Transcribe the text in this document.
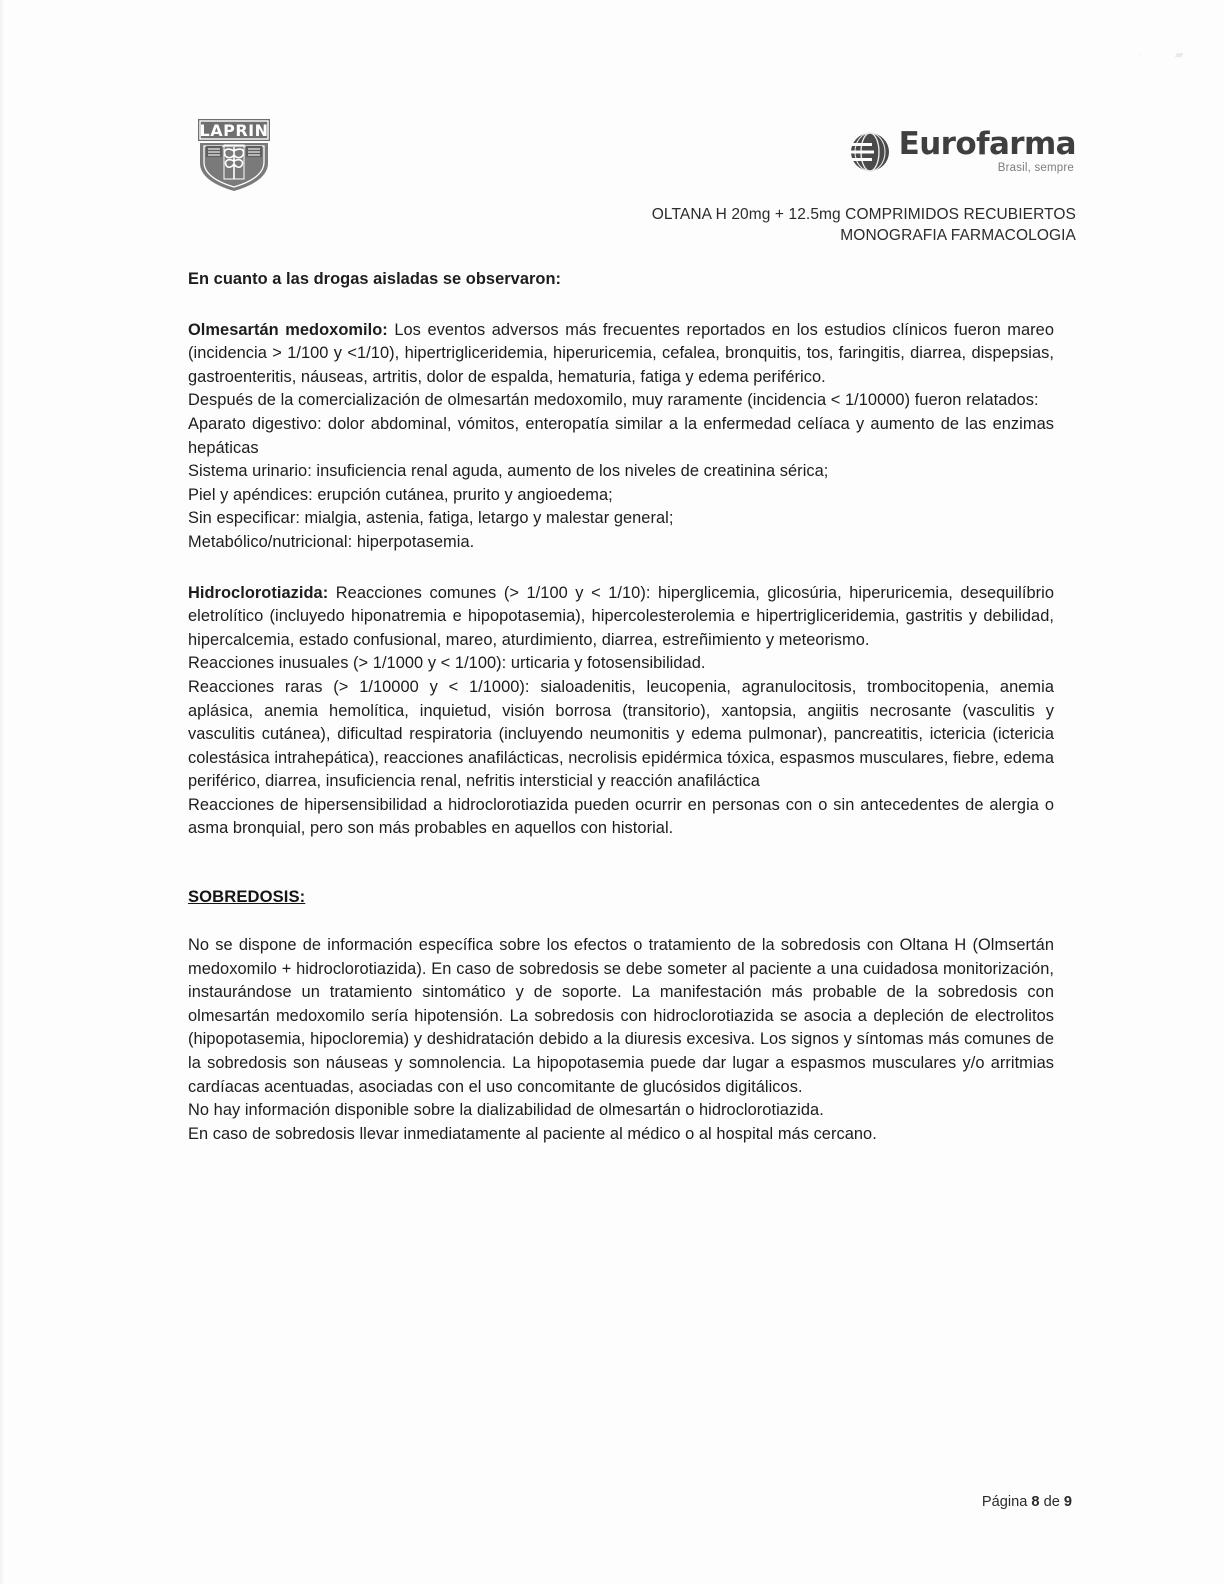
·   ▰
LAPRIN	Eurofarma
Brasil, sempre
OLTANA H 20mg + 12.5mg COMPRIMIDOS RECUBIERTOS
MONOGRAFIA FARMACOLOGIA

En cuanto a las drogas aisladas se observaron:

Olmesartán medoxomilo: Los eventos adversos más frecuentes reportados en los estudios clínicos fueron mareo (incidencia > 1/100 y <1/10), hipertrigliceridemia, hiperuricemia, cefalea, bronquitis, tos, faringitis, diarrea, dispepsias, gastroenteritis, náuseas, artritis, dolor de espalda, hematuria, fatiga y edema periférico.

Después de la comercialización de olmesartán medoxomilo, muy raramente (incidencia < 1/10000) fueron relatados:

Aparato digestivo: dolor abdominal, vómitos, enteropatía similar a la enfermedad celíaca y aumento de las enzimas hepáticas

Sistema urinario: insuficiencia renal aguda, aumento de los niveles de creatinina sérica;

Piel y apéndices: erupción cutánea, prurito y angioedema;

Sin especificar: mialgia, astenia, fatiga, letargo y malestar general;

Metabólico/nutricional: hiperpotasemia.

Hidroclorotiazida: Reacciones comunes (> 1/100 y < 1/10): hiperglicemia, glicosúria, hiperuricemia, desequilíbrio eletrolítico (incluyedo hiponatremia e hipopotasemia), hipercolesterolemia e hipertrigliceridemia, gastritis y debilidad, hipercalcemia, estado confusional, mareo, aturdimiento, diarrea, estreñimiento y meteorismo.

Reacciones inusuales (> 1/1000 y < 1/100): urticaria y fotosensibilidad.

Reacciones raras (> 1/10000 y < 1/1000): sialoadenitis, leucopenia, agranulocitosis, trombocitopenia, anemia aplásica, anemia hemolítica, inquietud, visión borrosa (transitorio), xantopsia, angiitis necrosante (vasculitis y vasculitis cutánea), dificultad respiratoria (incluyendo neumonitis y edema pulmonar), pancreatitis, ictericia (ictericia colestásica intrahepática), reacciones anafilácticas, necrolisis epidérmica tóxica, espasmos musculares, fiebre, edema periférico, diarrea, insuficiencia renal, nefritis intersticial y reacción anafiláctica

Reacciones de hipersensibilidad a hidroclorotiazida pueden ocurrir en personas con o sin antecedentes de alergia o asma bronquial, pero son más probables en aquellos con historial.

SOBREDOSIS:

No se dispone de información específica sobre los efectos o tratamiento de la sobredosis con Oltana H (Olmsertán medoxomilo + hidroclorotiazida). En caso de sobredosis se debe someter al paciente a una cuidadosa monitorización, instaurándose un tratamiento sintomático y de soporte. La manifestación más probable de la sobredosis con olmesartán medoxomilo sería hipotensión. La sobredosis con hidroclorotiazida se asocia a depleción de electrolitos (hipopotasemia, hipocloremia) y deshidratación debido a la diuresis excesiva. Los signos y síntomas más comunes de la sobredosis son náuseas y somnolencia. La hipopotasemia puede dar lugar a espasmos musculares y/o arritmias cardíacas acentuadas, asociadas con el uso concomitante de glucósidos digitálicos.

No hay información disponible sobre la dializabilidad de olmesartán o hidroclorotiazida.

En caso de sobredosis llevar inmediatamente al paciente al médico o al hospital más cercano.

Página 8 de 9
